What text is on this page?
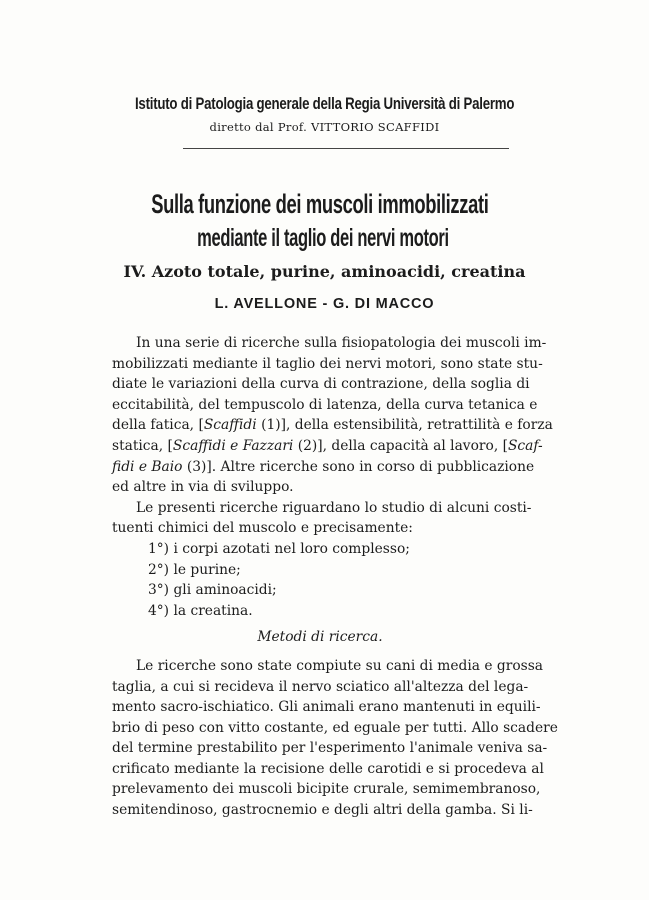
Istituto di Patologia generale della Regia Università di Palermo
diretto dal Prof. VITTORIO SCAFFIDI
Sulla funzione dei muscoli immobilizzati
mediante il taglio dei nervi motori
IV. Azoto totale, purine, aminoacidi, creatina
L. AVELLONE - G. DI MACCO
In una serie di ricerche sulla fisiopatologia dei muscoli im-
mobilizzati mediante il taglio dei nervi motori, sono state stu-
diate le variazioni della curva di contrazione, della soglia di
eccitabilità, del tempuscolo di latenza, della curva tetanica e
della fatica, [Scaffidi (1)], della estensibilità, retrattilità e forza
statica, [Scaffidi e Fazzari (2)], della capacità al lavoro, [Scaf-
fidi e Baio (3)]. Altre ricerche sono in corso di pubblicazione
ed altre in via di sviluppo.
Le presenti ricerche riguardano lo studio di alcuni costi-
tuenti chimici del muscolo e precisamente:
1°) i corpi azotati nel loro complesso;
2°) le purine;
3°) gli aminoacidi;
4°) la creatina.
Metodi di ricerca.
Le ricerche sono state compiute su cani di media e grossa
taglia, a cui si recideva il nervo sciatico all'altezza del lega-
mento sacro-ischiatico. Gli animali erano mantenuti in equili-
brio di peso con vitto costante, ed eguale per tutti. Allo scadere
del termine prestabilito per l'esperimento l'animale veniva sa-
crificato mediante la recisione delle carotidi e si procedeva al
prelevamento dei muscoli bicipite crurale, semimembranoso,
semitendinoso, gastrocnemio e degli altri della gamba. Si li-
